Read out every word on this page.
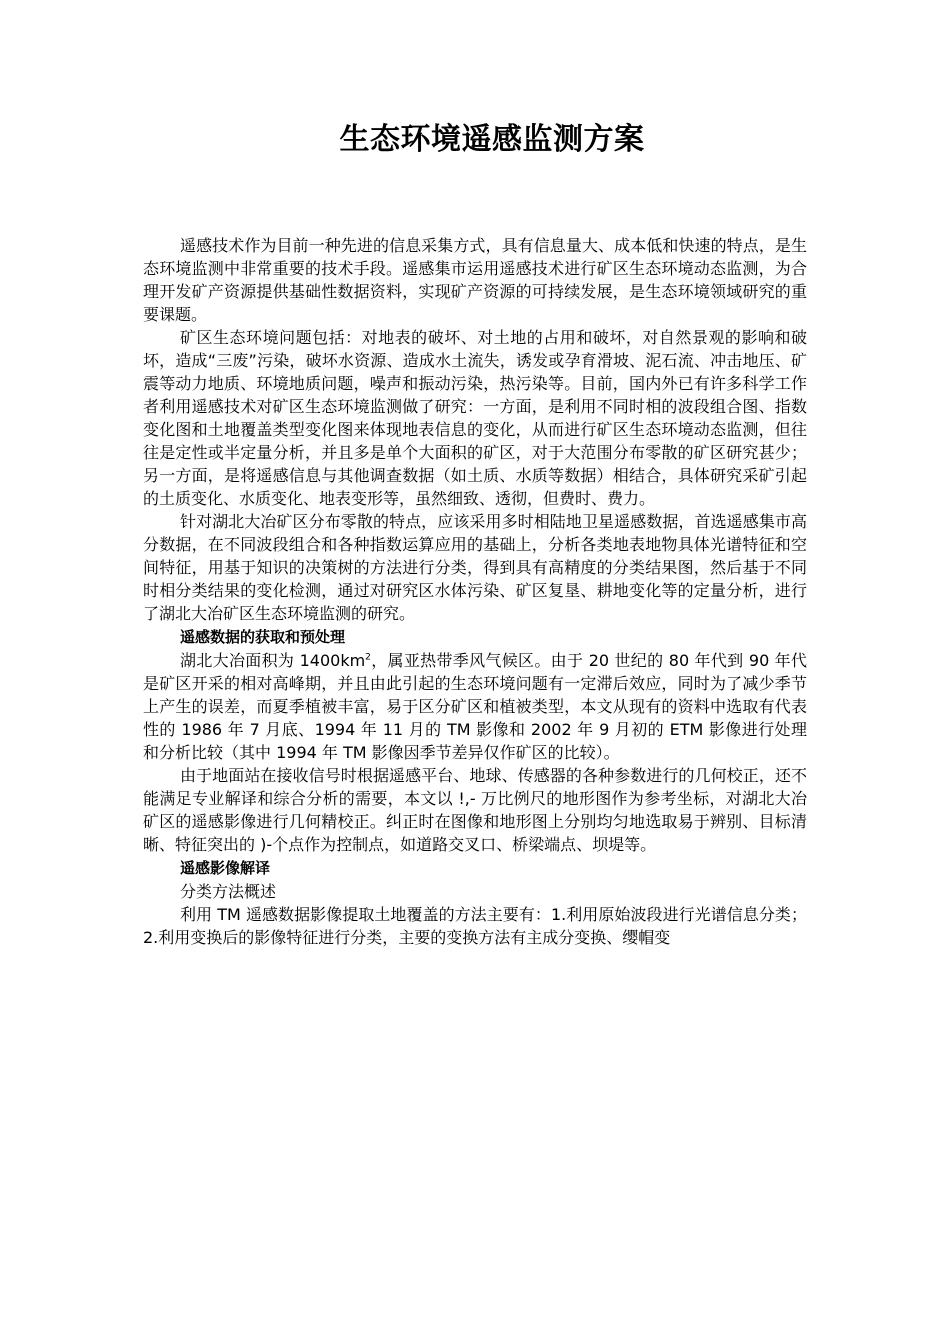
生态环境遥感监测方案

遥感技术作为目前一种先进的信息采集方式，具有信息量大、成本低和快速的特点，是生态环境监测中非常重要的技术手段。遥感集市运用遥感技术进行矿区生态环境动态监测，为合理开发矿产资源提供基础性数据资料，实现矿产资源的可持续发展，是生态环境领域研究的重要课题。

矿区生态环境问题包括：对地表的破坏、对土地的占用和破坏，对自然景观的影响和破坏，造成“三废”污染，破坏水资源、造成水土流失，诱发或孕育滑坡、泥石流、冲击地压、矿震等动力地质、环境地质问题，噪声和振动污染，热污染等。目前，国内外已有许多科学工作者利用遥感技术对矿区生态环境监测做了研究：一方面，是利用不同时相的波段组合图、指数变化图和土地覆盖类型变化图来体现地表信息的变化，从而进行矿区生态环境动态监测，但往往是定性或半定量分析，并且多是单个大面积的矿区，对于大范围分布零散的矿区研究甚少；另一方面，是将遥感信息与其他调查数据（如土质、水质等数据）相结合，具体研究采矿引起的土质变化、水质变化、地表变形等，虽然细致、透彻，但费时、费力。

针对湖北大冶矿区分布零散的特点，应该采用多时相陆地卫星遥感数据，首选遥感集市高分数据，在不同波段组合和各种指数运算应用的基础上，分析各类地表地物具体光谱特征和空间特征，用基于知识的决策树的方法进行分类，得到具有高精度的分类结果图，然后基于不同时相分类结果的变化检测，通过对研究区水体污染、矿区复垦、耕地变化等的定量分析，进行了湖北大冶矿区生态环境监测的研究。

遥感数据的获取和预处理

湖北大冶面积为 $1400km^2$，属亚热带季风气候区。由于 20 世纪的 80 年代到 90 年代是矿区开采的相对高峰期，并且由此引起的生态环境问题有一定滞后效应，同时为了减少季节上产生的误差，而夏季植被丰富，易于区分矿区和植被类型，本文从现有的资料中选取有代表性的 1986 年 7 月底、1994 年 11 月的 TM 影像和 2002 年 9 月初的 ETM 影像进行处理和分析比较（其中 1994 年 TM 影像因季节差异仅作矿区的比较）。

由于地面站在接收信号时根据遥感平台、地球、传感器的各种参数进行的几何校正，还不能满足专业解译和综合分析的需要，本文以 !,- 万比例尺的地形图作为参考坐标，对湖北大冶矿区的遥感影像进行几何精校正。纠正时在图像和地形图上分别均匀地选取易于辨别、目标清晰、特征突出的 )-个点作为控制点，如道路交叉口、桥梁端点、坝堤等。

遥感影像解译

分类方法概述

利用 TM 遥感数据影像提取土地覆盖的方法主要有：1.利用原始波段进行光谱信息分类； 2.利用变换后的影像特征进行分类，主要的变换方法有主成分变换、缨帽变
